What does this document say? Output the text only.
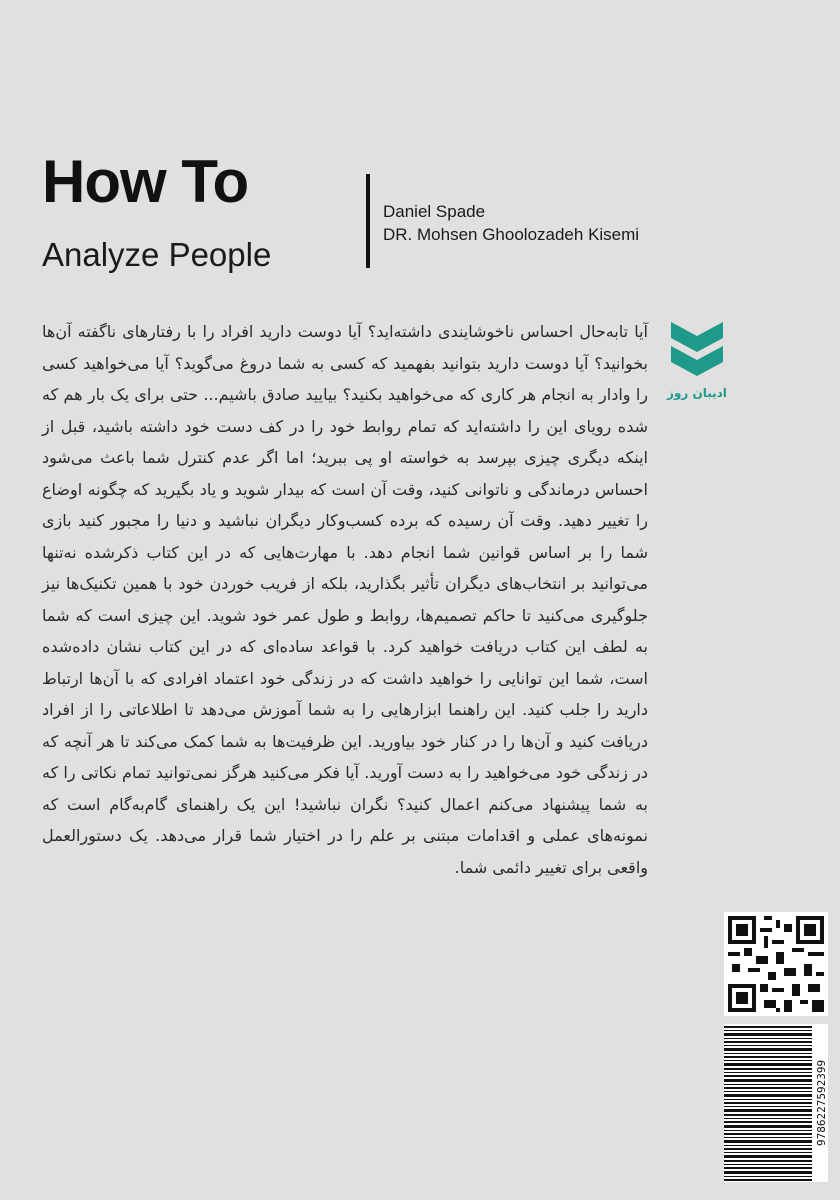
How To
Analyze People
Daniel Spade
DR. Mohsen Ghoolozadeh Kisemi
ادیبان روز

آیا تا‌به‌حال احساس ناخوشایندی داشته‌اید؟ آیا دوست دارید افراد را با رفتارهای ناگفته آن‌ها بخوانید؟ آیا دوست دارید بتوانید بفهمید که کسی به شما دروغ می‌گوید؟ آیا می‌خواهید کسی را وادار به انجام هر کاری که می‌خواهید بکنید؟ بیایید صادق باشیم... حتی برای یک بار هم که شده رویای این را داشته‌اید که تمام روابط خود را در کف دست خود داشته باشید، قبل از اینکه دیگری چیزی بپرسد به خواسته او پی ببرید؛ اما اگر عدم کنترل شما باعث می‌شود احساس درماندگی و ناتوانی کنید، وقت آن است که بیدار شوید و یاد بگیرید که چگونه اوضاع را تغییر دهید. وقت آن رسیده که برده کسب‌وکار دیگران نباشید و دنیا را مجبور کنید بازی شما را بر اساس قوانین شما انجام دهد. با مهارت‌هایی که در این کتاب ذکرشده نه‌تنها می‌توانید بر انتخاب‌های دیگران تأثیر بگذارید، بلکه از فریب خوردن خود با همین تکنیک‌ها نیز جلوگیری می‌کنید تا حاکم تصمیم‌ها، روابط و طول عمر خود شوید. این چیزی است که شما به لطف این کتاب دریافت خواهید کرد. با قواعد ساده‌ای که در این کتاب نشان داده‌شده است، شما این توانایی را خواهید داشت که در زندگی خود اعتماد افرادی که با آن‌ها ارتباط دارید را جلب کنید. این راهنما ابزارهایی را به شما آموزش می‌دهد تا اطلاعاتی را از افراد دریافت کنید و آن‌ها را در کنار خود بیاورید. این ظرفیت‌ها به شما کمک می‌کند تا هر آنچه که در زندگی خود می‌خواهید را به دست آورید. آیا فکر می‌کنید هرگز نمی‌توانید تمام نکاتی را که به شما پیشنهاد می‌کنم اعمال کنید؟ نگران نباشید! این یک راهنمای گام‌به‌گام است که نمونه‌های عملی و اقدامات مبتنی بر علم را در اختیار شما قرار می‌دهد. یک دستورالعمل واقعی برای تغییر دائمی شما.

9786227592399
